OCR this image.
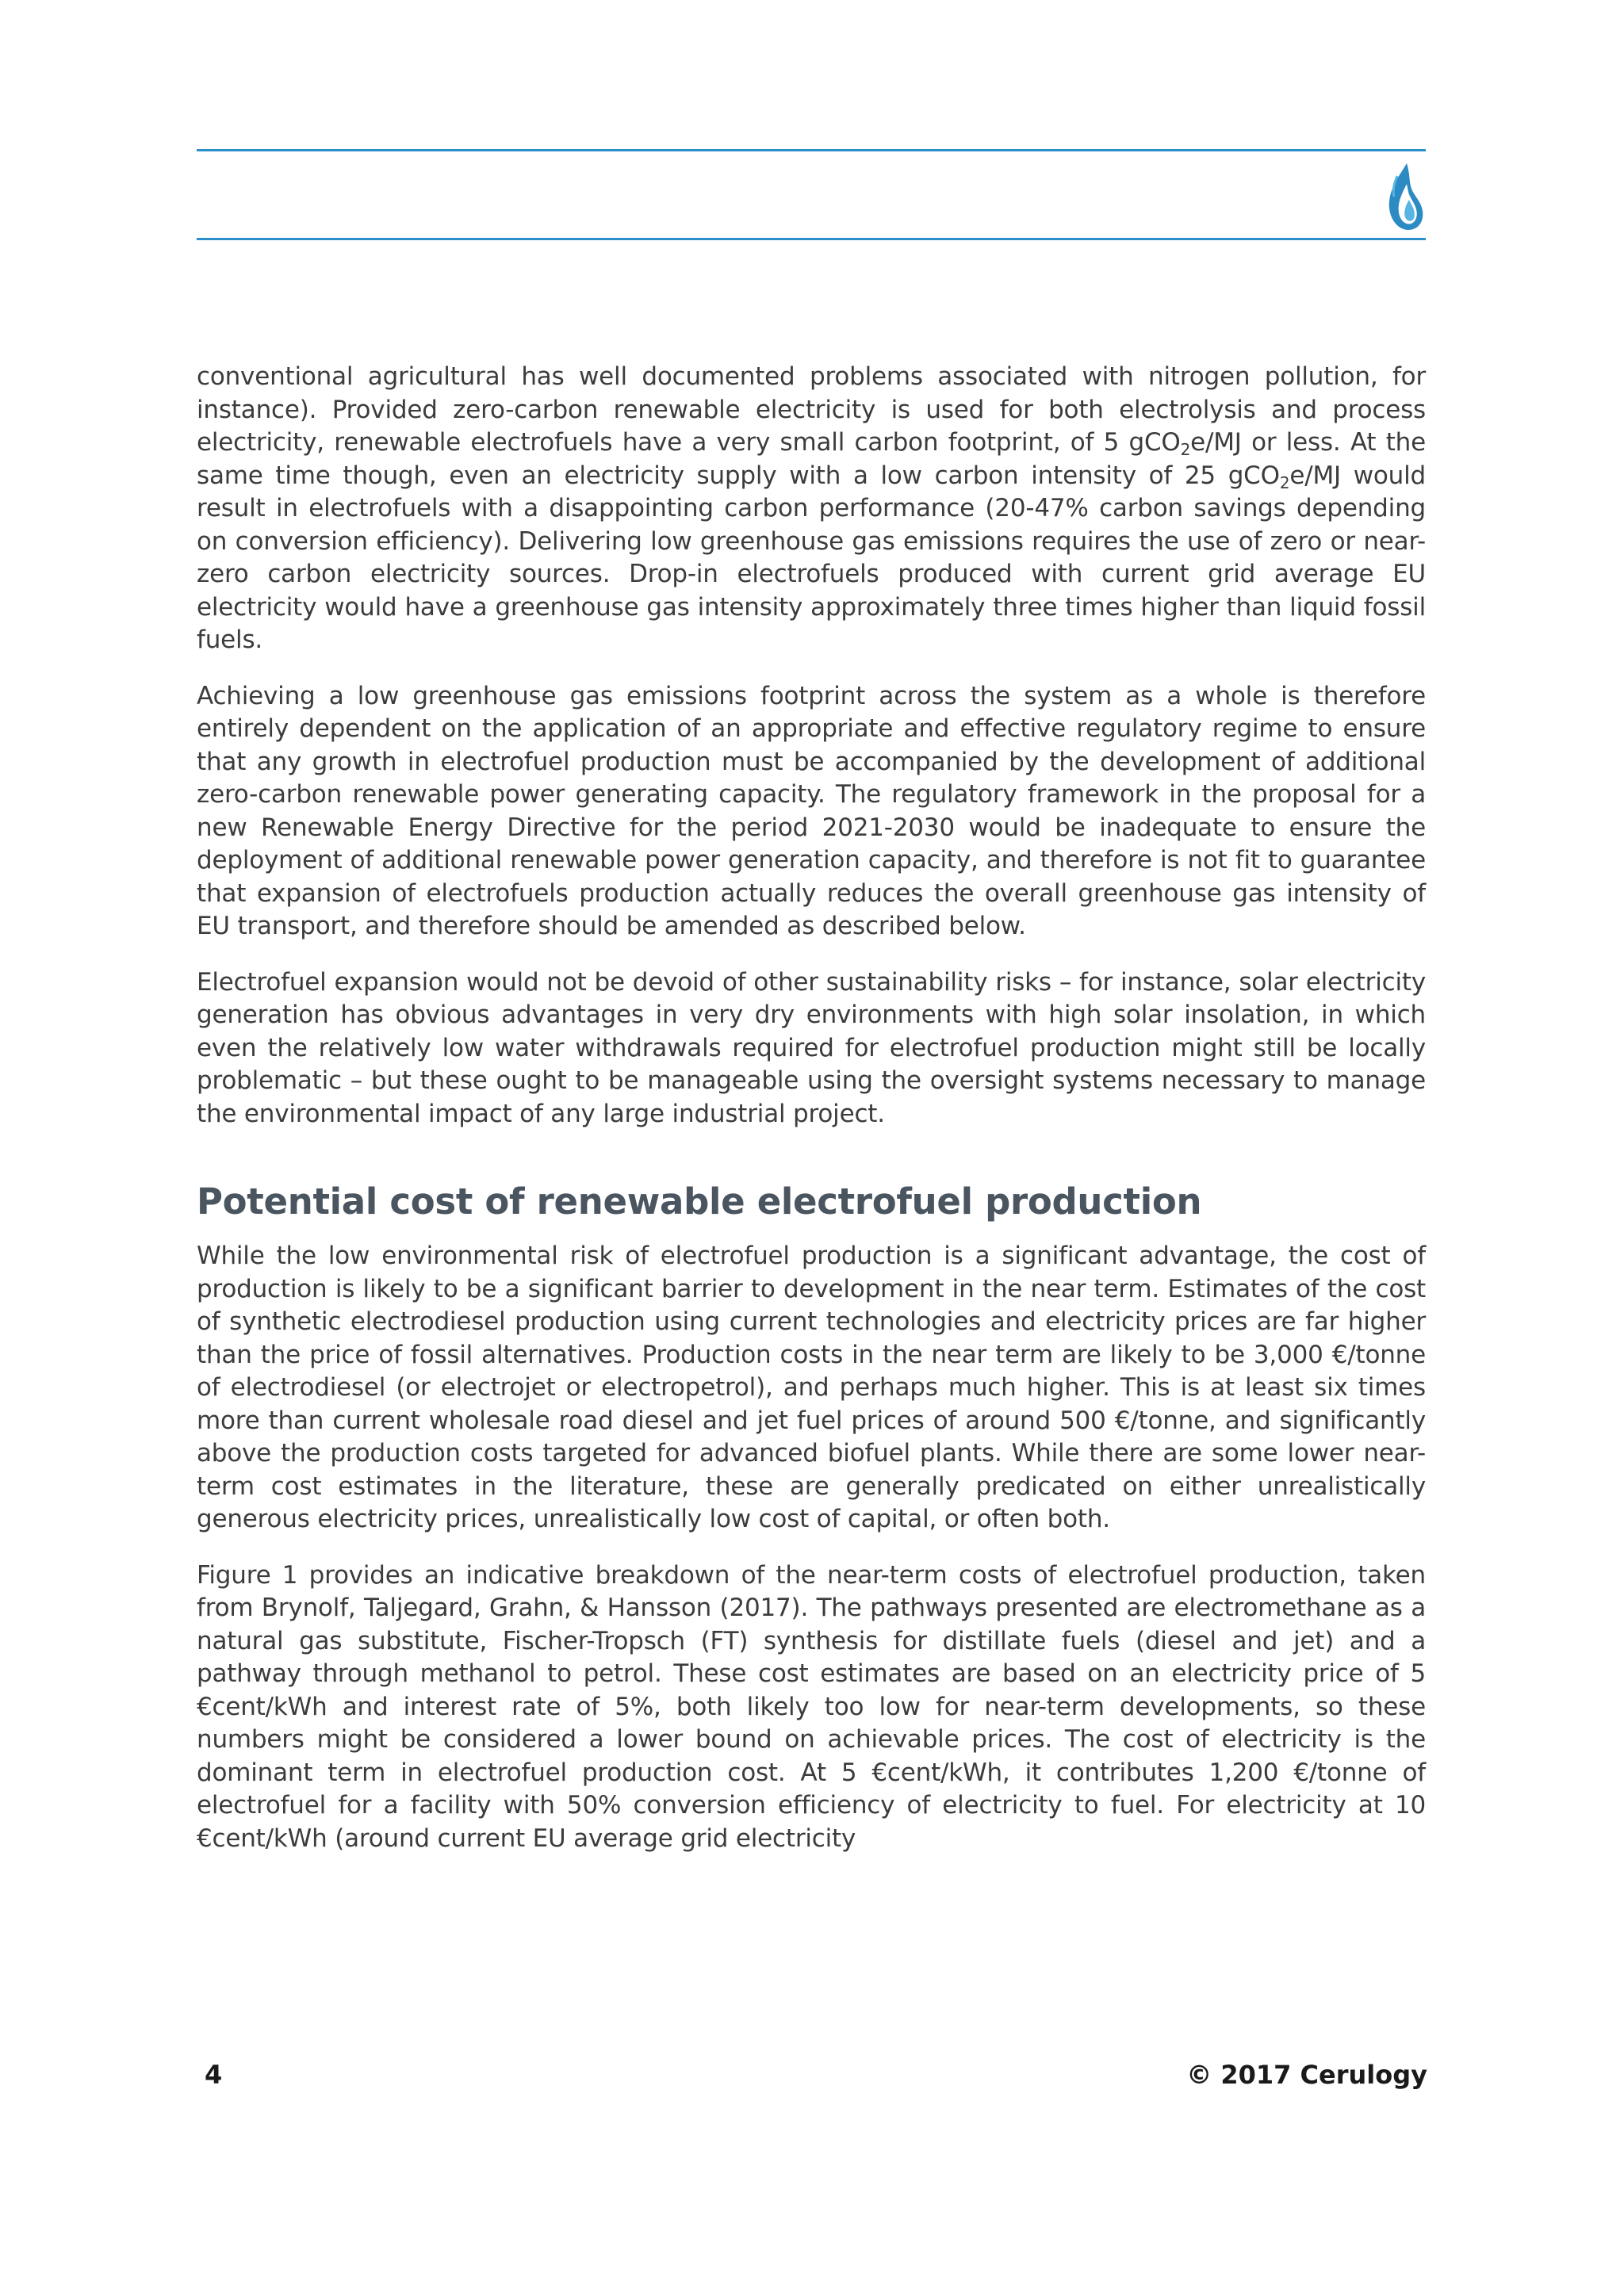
conventional agricultural has well documented problems associated with nitrogen pollution, for instance). Provided zero-carbon renewable electricity is used for both electrolysis and process electricity, renewable electrofuels have a very small carbon footprint, of 5 gCO$_2$e/MJ or less. At the same time though, even an electricity supply with a low carbon intensity of 25 gCO$_2$e/MJ would result in electrofuels with a disappointing carbon performance (20-47% carbon savings depending on conversion efficiency). Delivering low greenhouse gas emissions requires the use of zero or near-zero carbon electricity sources. Drop-in electrofuels produced with current grid average EU electricity would have a greenhouse gas intensity approximately three times higher than liquid fossil fuels.

Achieving a low greenhouse gas emissions footprint across the system as a whole is therefore entirely dependent on the application of an appropriate and effective regulatory regime to ensure that any growth in electrofuel production must be accompanied by the development of additional zero-carbon renewable power generating capacity. The regulatory framework in the proposal for a new Renewable Energy Directive for the period 2021-2030 would be inadequate to ensure the deployment of additional renewable power generation capacity, and therefore is not fit to guarantee that expansion of electrofuels production actually reduces the overall greenhouse gas intensity of EU transport, and therefore should be amended as described below.

Electrofuel expansion would not be devoid of other sustainability risks – for instance, solar electricity generation has obvious advantages in very dry environments with high solar insolation, in which even the relatively low water withdrawals required for electrofuel production might still be locally problematic – but these ought to be manageable using the oversight systems necessary to manage the environmental impact of any large industrial project.

Potential cost of renewable electrofuel production

While the low environmental risk of electrofuel production is a significant advantage, the cost of production is likely to be a significant barrier to development in the near term. Estimates of the cost of synthetic electrodiesel production using current technologies and electricity prices are far higher than the price of fossil alternatives. Production costs in the near term are likely to be 3,000 €/tonne of electrodiesel (or electrojet or electropetrol), and perhaps much higher. This is at least six times more than current wholesale road diesel and jet fuel prices of around 500 €/tonne, and significantly above the production costs targeted for advanced biofuel plants. While there are some lower near-term cost estimates in the literature, these are generally predicated on either unrealistically generous electricity prices, unrealistically low cost of capital, or often both.

Figure 1 provides an indicative breakdown of the near-term costs of electrofuel production, taken from Brynolf, Taljegard, Grahn, & Hansson (2017). The pathways presented are electromethane as a natural gas substitute, Fischer-Tropsch (FT) synthesis for distillate fuels (diesel and jet) and a pathway through methanol to petrol. These cost estimates are based on an electricity price of 5 €cent/kWh and interest rate of 5%, both likely too low for near-term developments, so these numbers might be considered a lower bound on achievable prices. The cost of electricity is the dominant term in electrofuel production cost. At 5 €cent/kWh, it contributes 1,200 €/tonne of electrofuel for a facility with 50% conversion efficiency of electricity to fuel. For electricity at 10 €cent/kWh (around current EU average grid electricity

4	© 2017 Cerulogy
